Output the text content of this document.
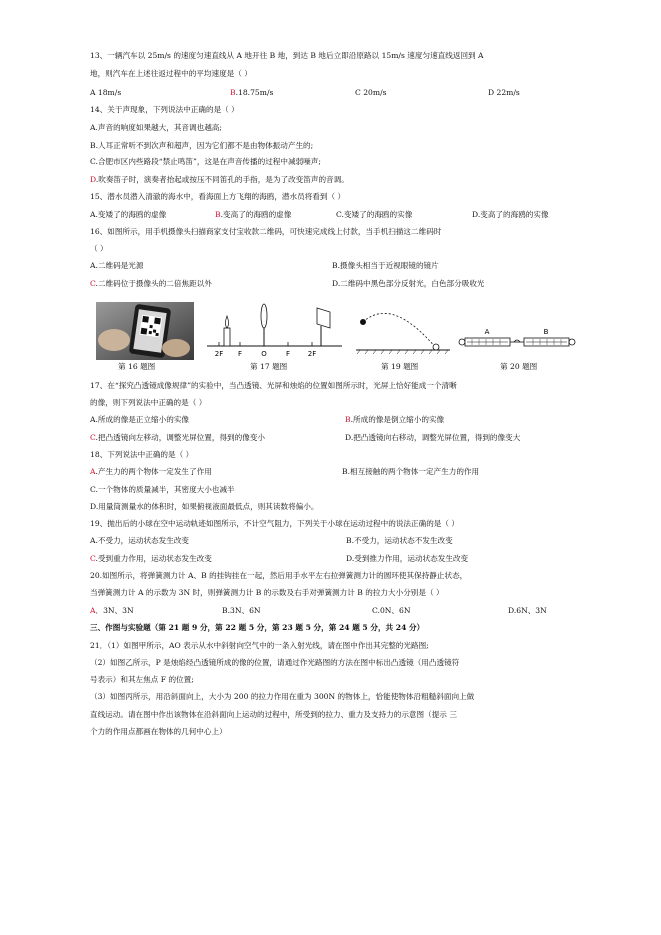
13、一辆汽车以 25m/s 的速度匀速直线从 A 地开往 B 地，到达 B 地后立即沿原路以 15m/s 速度匀速直线返回到 A
地，则汽车在上述往返过程中的平均速度是（ ）
A 18m/s	B.18.75m/s	C 20m/s	D 22m/s
14、关于声现象，下列说法中正确的是（ ）
A.声音的响度如果越大，其音调也越高;
B.人耳正常听不到次声和超声，因为它们都不是由物体振动产生的;
C.合肥市区内些路段“禁止鸣笛”，这是在声音传播的过程中减弱噪声;
D.吹奏笛子时，演奏者抬起或按压不同笛孔的手指，是为了改变笛声的音调。
15、潜水员潜入清澈的海水中，看海面上方飞翔的海鸥，潜水员将看到（ ）
A.变矮了的海鸥的虚像	B.变高了的海鸥的虚像	C.变矮了的海鸥的实像	D.变高了的海鸥的实像
16、如图所示，用手机摄像头扫描商家支付宝收款二维码，可快速完成线上付款，当手机扫描这二维码时
（ ）
A.二维码是光源	B.摄像头相当于近视眼镜的镜片
C.二维码位于摄像头的二倍焦距以外	D.二维码中黑色部分反射光，白色部分吸收光
2F F	O	F	2F
A	B
第 16 题图	第 17 题图	第 19 题图	第 20 题图
17、在“探究凸透镜成像规律”的实验中，当凸透镜、光屏和烛焰的位置如图所示时，光屏上恰好能成一个清晰
的像，则下列说法中正确的是（ ）
A.所成的像是正立缩小的实像	B.所成的像是倒立缩小的实像
C.把凸透镜向左移动，调整光屏位置，得到的像变小	D.把凸透镜向右移动，调整光屏位置，得到的像变大
18、下列说法中正确的是（ ）
A.产生力的两个物体一定发生了作用	B.相互接触的两个物体一定产生力的作用
C.一个物体的质量减半，其密度大小也减半
D.用量筒测量水的体积时，如果俯视液面最低点，则其读数将偏小。
19、抛出后的小球在空中运动轨迹如图所示，不计空气阻力，下列关于小球在运动过程中的说法正确的是（ ）
A.不受力，运动状态发生改变	B.不受力，运动状态不发生改变
C.受到重力作用，运动状态发生改变	D.受到推力作用，运动状态发生改变
20.如图所示，将弹簧测力计 A、B 的挂钩挂在一起，然后用手水平左右拉弹簧测力计的圆环使其保持静止状态，
当弹簧测力计 A 的示数为 3N 时，则弹簧测力计 B 的示数及右手对弹簧测力计 B 的拉力大小分别是（ ）
A．3N、3N	B.3N、6N	C.0N、6N	D.6N、3N
三、作图与实验题（第 21 题 9 分，第 22 题 5 分，第 23 题 5 分，第 24 题 5 分，共 24 分）
21．（1）如图甲所示，AO 表示从水中斜射向空气中的一条入射光线，请在图中作出其完整的光路图;
（2）如图乙所示，P 是烛焰经凸透镜所成的像的位置，请通过作光路图的方法在图中标出凸透镜（用凸透镜符
号表示）和其左焦点 F 的位置;
（3）如图丙所示，用沿斜面向上，大小为 200 的拉力作用在重为 300N 的物体上，恰能使物体沿粗糙斜面向上做
直线运动。请在图中作出该物体在沿斜面向上运动的过程中，所受到的拉力、重力及支持力的示意图（提示 三
个力的作用点都画在物体的几何中心上）
